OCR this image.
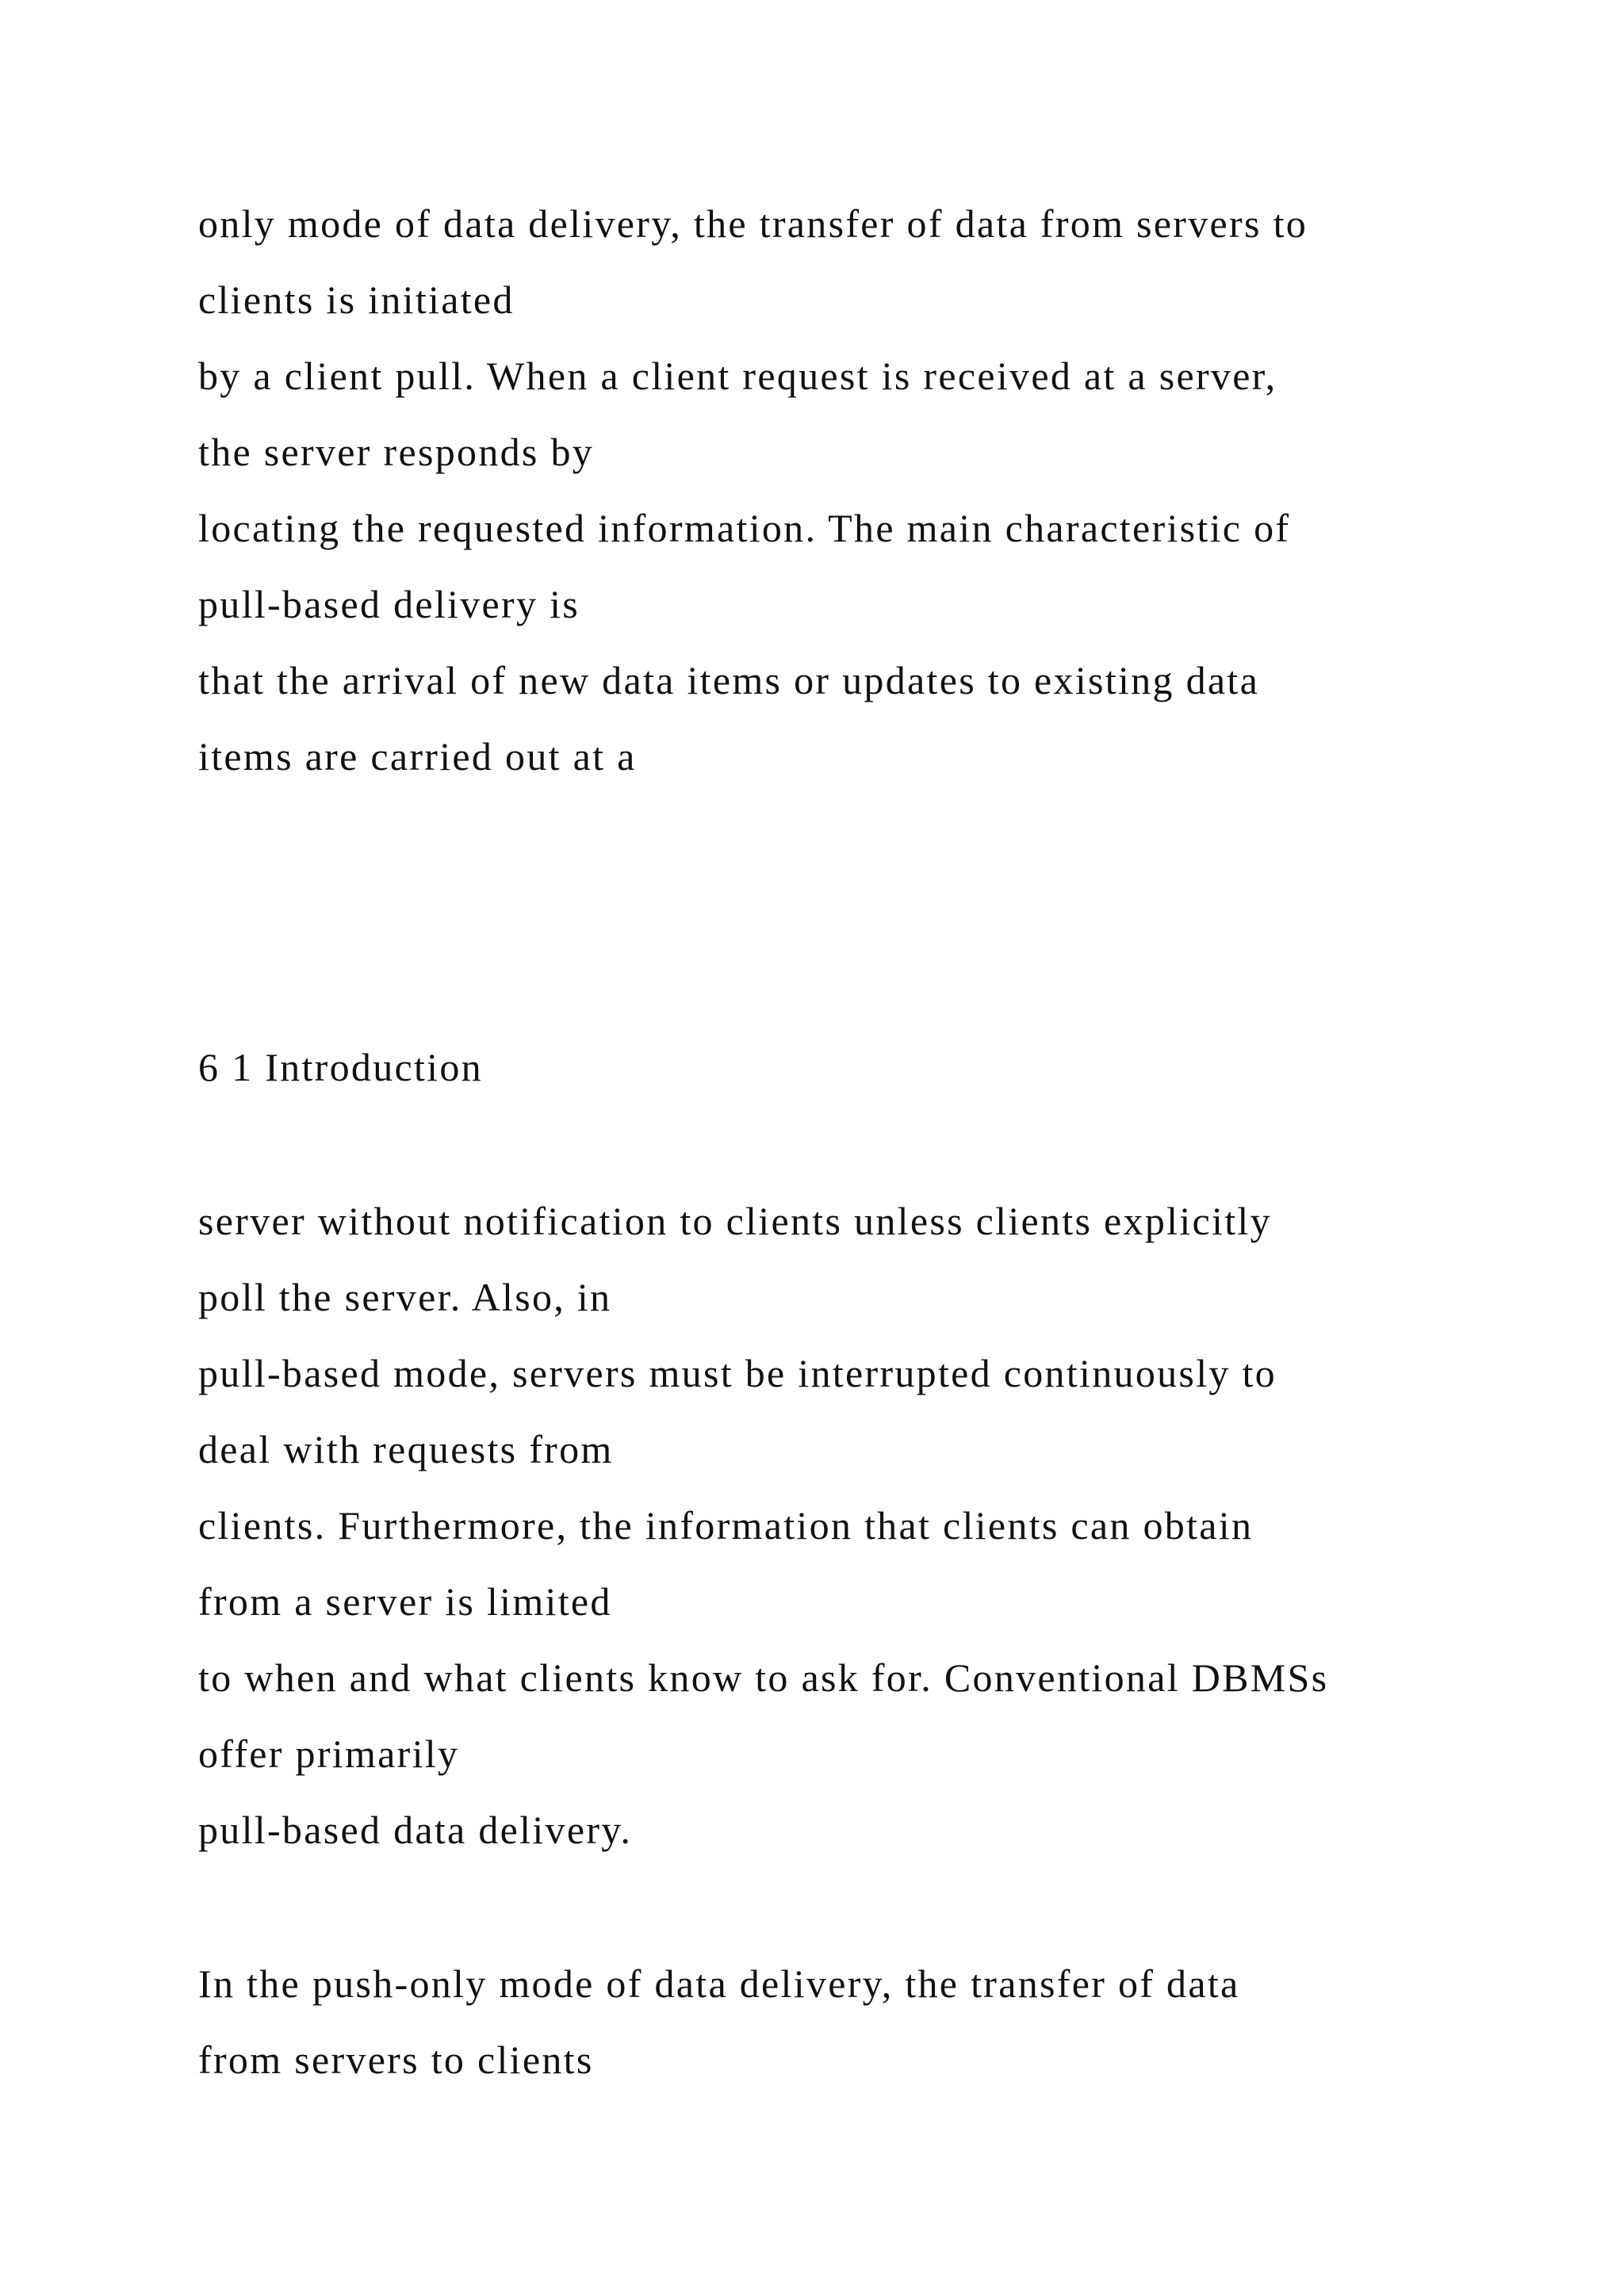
only mode of data delivery, the transfer of data from servers to

clients is initiated

by a client pull. When a client request is received at a server,

the server responds by

locating the requested information. The main characteristic of

pull-based delivery is

that the arrival of new data items or updates to existing data

items are carried out at a

6 1 Introduction

server without notification to clients unless clients explicitly

poll the server. Also, in

pull-based mode, servers must be interrupted continuously to

deal with requests from

clients. Furthermore, the information that clients can obtain

from a server is limited

to when and what clients know to ask for. Conventional DBMSs

offer primarily

pull-based data delivery.

In the push-only mode of data delivery, the transfer of data

from servers to clients
